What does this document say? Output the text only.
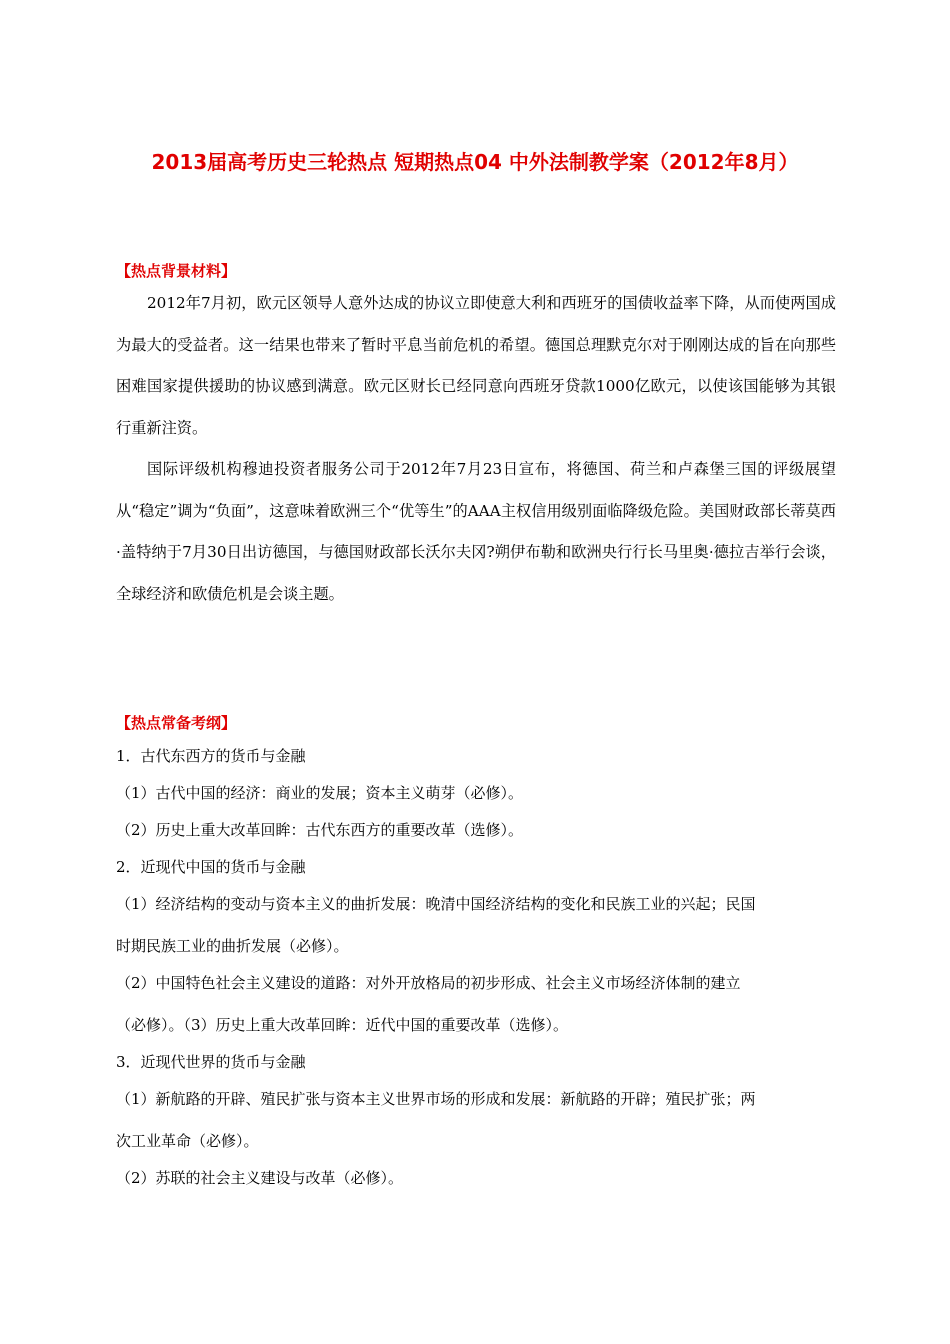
2013届高考历史三轮热点 短期热点04 中外法制教学案（2012年8月）
【热点背景材料】

2012年7月初，欧元区领导人意外达成的协议立即使意大利和西班牙的国债收益率下降，从而使两国成为最大的受益者。这一结果也带来了暂时平息当前危机的希望。德国总理默克尔对于刚刚达成的旨在向那些困难国家提供援助的协议感到满意。欧元区财长已经同意向西班牙贷款1000亿欧元，以使该国能够为其银行重新注资。

国际评级机构穆迪投资者服务公司于2012年7月23日宣布，将德国、荷兰和卢森堡三国的评级展望从“稳定”调为“负面”，这意味着欧洲三个“优等生”的AAA主权信用级别面临降级危险。美国财政部长蒂莫西·盖特纳于7月30日出访德国，与德国财政部长沃尔夫冈?朔伊布勒和欧洲央行行长马里奥·德拉吉举行会谈，全球经济和欧债危机是会谈主题。

【热点常备考纲】
1．古代东西方的货币与金融
（1）古代中国的经济：商业的发展；资本主义萌芽（必修）。
（2）历史上重大改革回眸：古代东西方的重要改革（选修）。
2．近现代中国的货币与金融
（1）经济结构的变动与资本主义的曲折发展：晚清中国经济结构的变化和民族工业的兴起；民国
时期民族工业的曲折发展（必修）。
（2）中国特色社会主义建设的道路：对外开放格局的初步形成、社会主义市场经济体制的建立
（必修）。（3）历史上重大改革回眸：近代中国的重要改革（选修）。
3．近现代世界的货币与金融
（1）新航路的开辟、殖民扩张与资本主义世界市场的形成和发展：新航路的开辟；殖民扩张；两
次工业革命（必修）。
（2）苏联的社会主义建设与改革（必修）。
